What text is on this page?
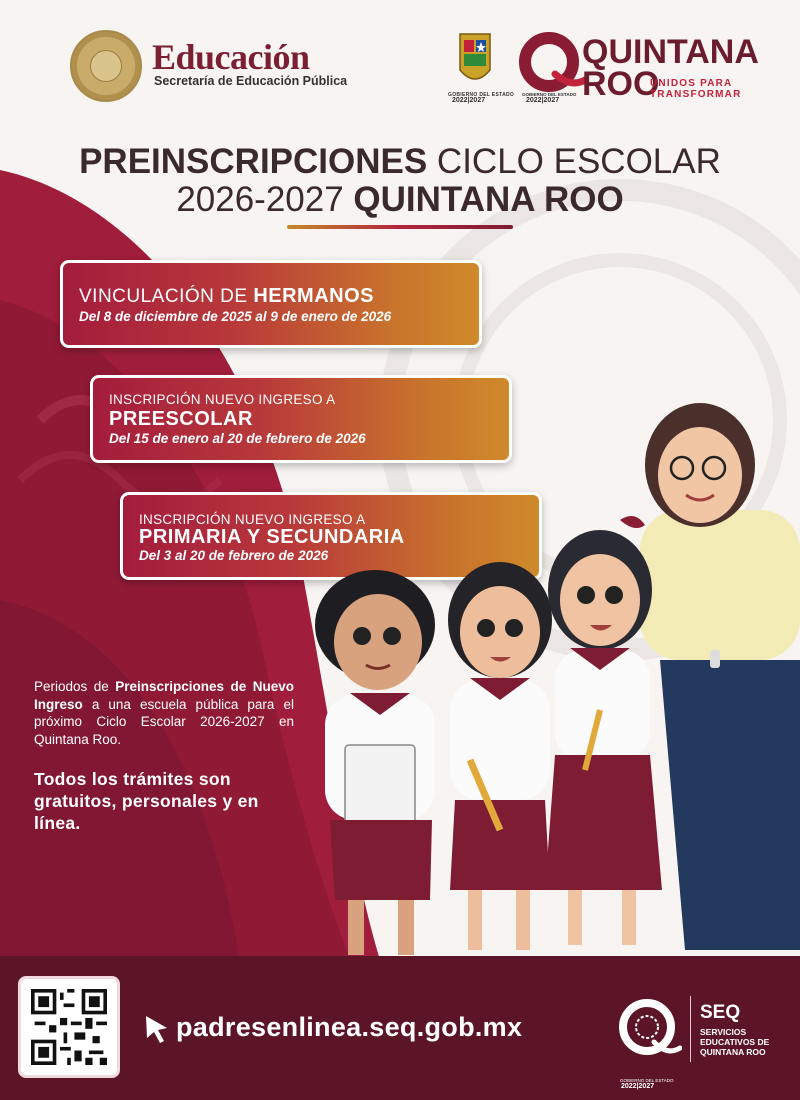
Educación
Secretaría de Educación Pública
GOBIERNO DEL ESTADO
2022|2027
GOBIERNO DEL ESTADO
2022|2027
QUINTANA
ROO
UNIDOS PARA
TRANSFORMAR
PREINSCRIPCIONES CICLO ESCOLAR
2026-2027 QUINTANA ROO
VINCULACIÓN DE HERMANOS
Del 8 de diciembre de 2025 al 9 de enero de 2026
INSCRIPCIÓN NUEVO INGRESO A
PREESCOLAR
Del 15 de enero al 20 de febrero de 2026
INSCRIPCIÓN NUEVO INGRESO A
PRIMARIA Y SECUNDARIA
Del 3 al 20 de febrero de 2026
Periodos de Preinscripciones de Nuevo Ingreso a una escuela pública para el próximo Ciclo Escolar 2026-2027 en Quintana Roo.
Todos los trámites son gratuitos, personales y en línea.
padresenlinea.seq.gob.mx
GOBIERNO DEL ESTADO
2022|2027
SEQ
SERVICIOS EDUCATIVOS DE QUINTANA ROO
